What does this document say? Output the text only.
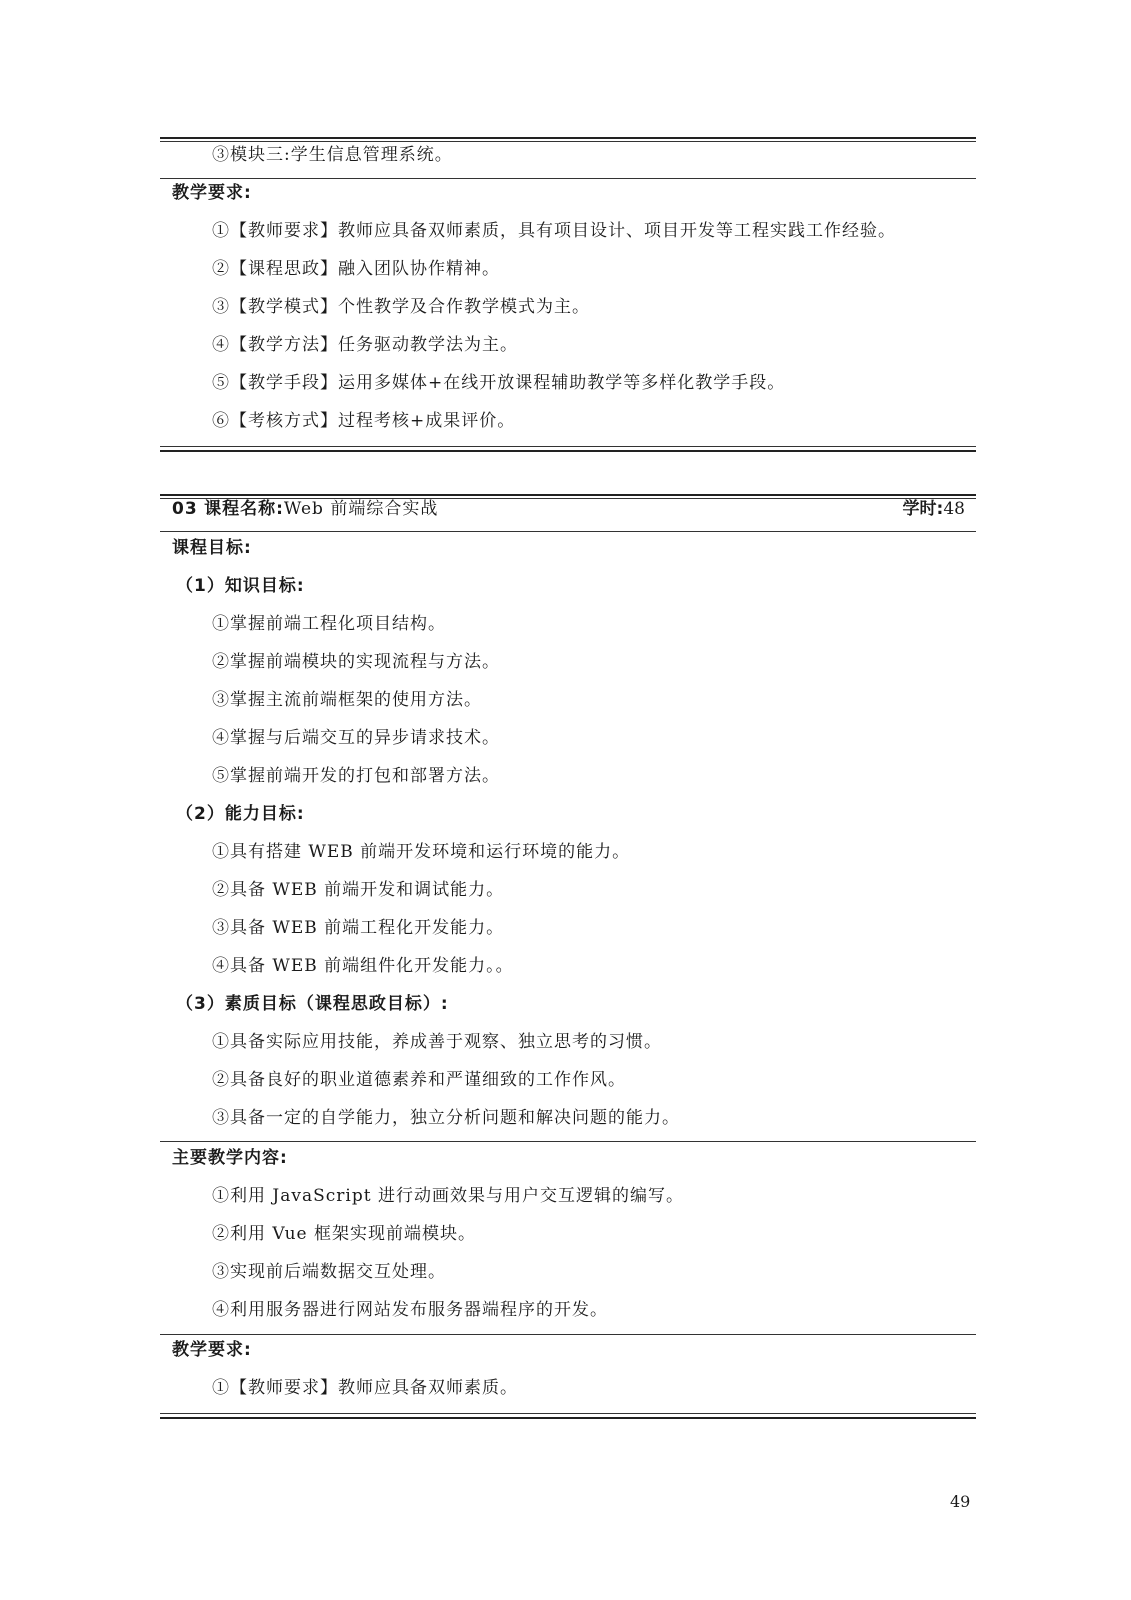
③模块三:学生信息管理系统。
教学要求:
①【教师要求】教师应具备双师素质，具有项目设计、项目开发等工程实践工作经验。
②【课程思政】融入团队协作精神。
③【教学模式】个性教学及合作教学模式为主。
④【教学方法】任务驱动教学法为主。
⑤【教学手段】运用多媒体+在线开放课程辅助教学等多样化教学手段。
⑥【考核方式】过程考核+成果评价。
03 课程名称:Web 前端综合实战	学时:48
课程目标:
（1）知识目标:
①掌握前端工程化项目结构。
②掌握前端模块的实现流程与方法。
③掌握主流前端框架的使用方法。
④掌握与后端交互的异步请求技术。
⑤掌握前端开发的打包和部署方法。
（2）能力目标:
①具有搭建 WEB 前端开发环境和运行环境的能力。
②具备 WEB 前端开发和调试能力。
③具备 WEB 前端工程化开发能力。
④具备 WEB 前端组件化开发能力。。
（3）素质目标（课程思政目标）:
①具备实际应用技能，养成善于观察、独立思考的习惯。
②具备良好的职业道德素养和严谨细致的工作作风。
③具备一定的自学能力，独立分析问题和解决问题的能力。
主要教学内容:
①利用 JavaScript 进行动画效果与用户交互逻辑的编写。
②利用 Vue 框架实现前端模块。
③实现前后端数据交互处理。
④利用服务器进行网站发布服务器端程序的开发。
教学要求:
①【教师要求】教师应具备双师素质。
49
